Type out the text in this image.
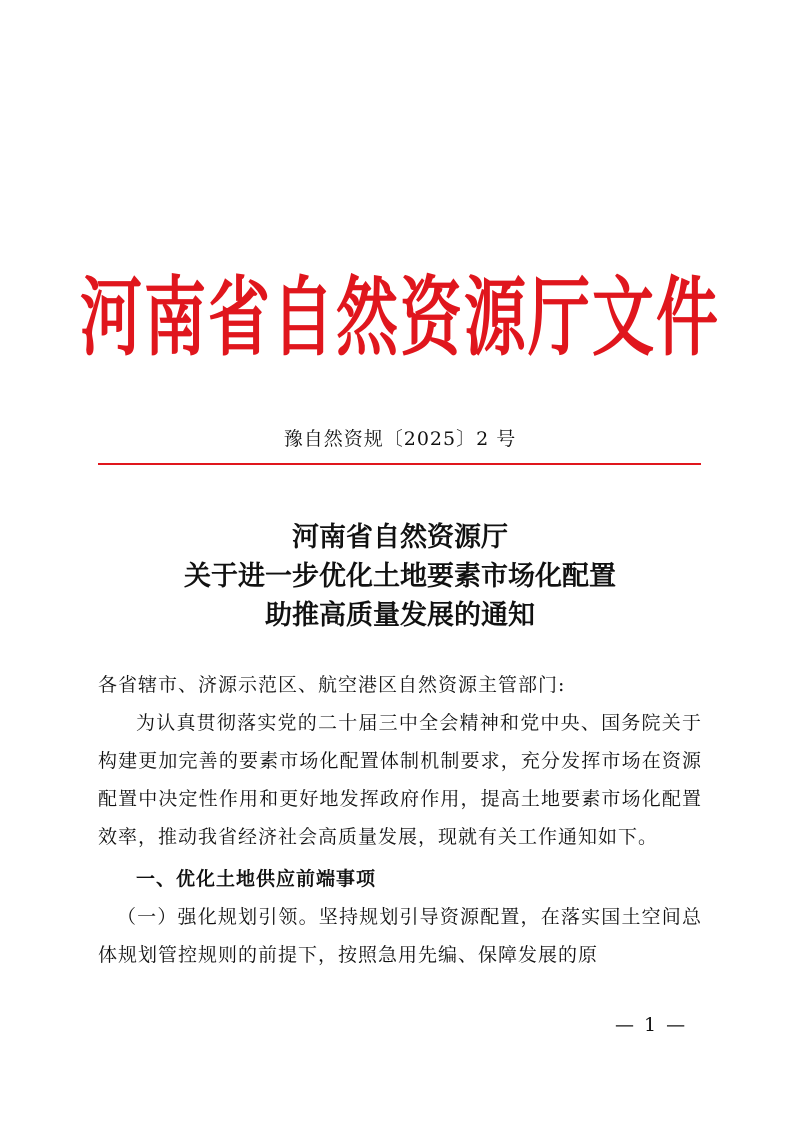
河南省自然资源厅文件
豫自然资规〔2025〕2 号
河南省自然资源厅
关于进一步优化土地要素市场化配置
助推高质量发展的通知

各省辖市、济源示范区、航空港区自然资源主管部门:

为认真贯彻落实党的二十届三中全会精神和党中央、国务院关于构建更加完善的要素市场化配置体制机制要求，充分发挥市场在资源配置中决定性作用和更好地发挥政府作用，提高土地要素市场化配置效率，推动我省经济社会高质量发展，现就有关工作通知如下。

一、优化土地供应前端事项

（一）强化规划引领。坚持规划引导资源配置，在落实国土空间总体规划管控规则的前提下，按照急用先编、保障发展的原

— 1 —
